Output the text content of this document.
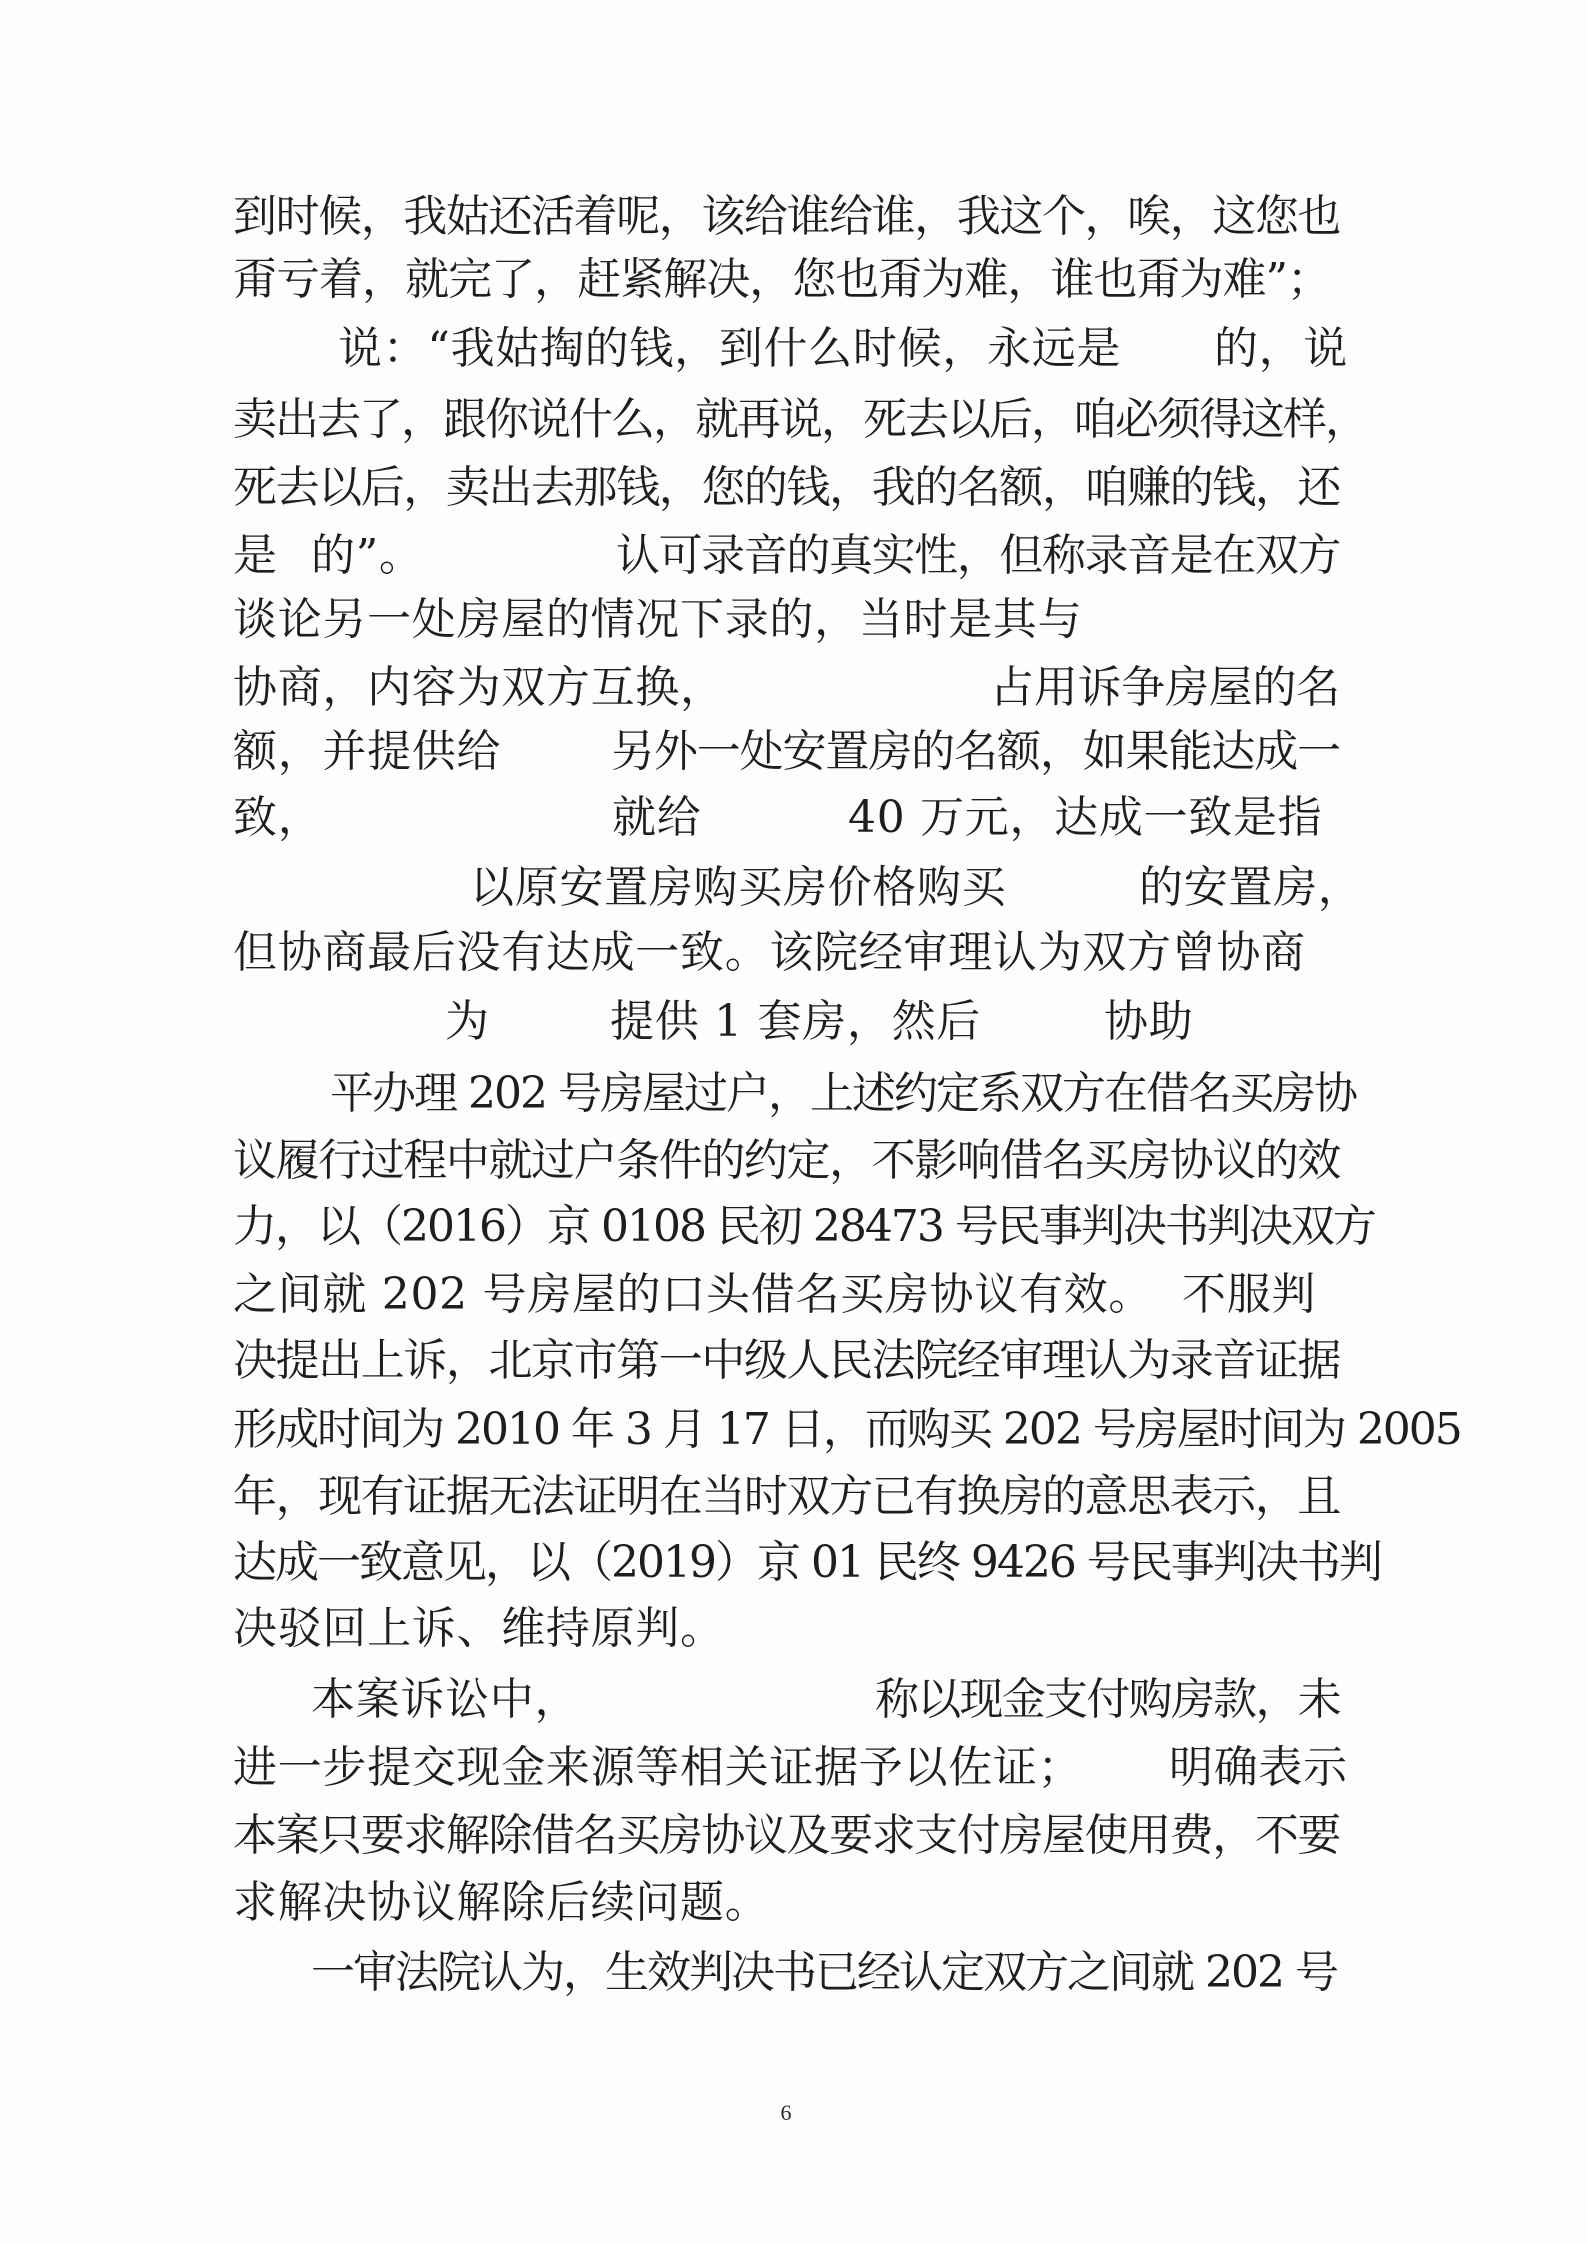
到时候，我姑还活着呢，该给谁给谁，我这个，唉，这您也
甭亏着，就完了，赶紧解决，您也甭为难，谁也甭为难”；
说：“我姑掏的钱，到什么时候，永远是 的，说
卖出去了，跟你说什么，就再说，死去以后，咱必须得这样，
死去以后，卖出去那钱，您的钱，我的名额，咱赚的钱，还
是 的”。	认可录音的真实性，但称录音是在双方
谈论另一处房屋的情况下录的，当时是其与
协商，内容为双方互换，	占用诉争房屋的名
额，并提供给 另外一处安置房的名额，如果能达成一
致，	就给	40 万元，达成一致是指
以原安置房购买房价格购买	的安置房，
但协商最后没有达成一致。该院经审理认为双方曾协商
为	提供 1 套房，然后	协助
平办理 202 号房屋过户，上述约定系双方在借名买房协
议履行过程中就过户条件的约定，不影响借名买房协议的效
力，以（2016）京 0108 民初 28473 号民事判决书判决双方
之间就 202 号房屋的口头借名买房协议有效。 不服判
决提出上诉，北京市第一中级人民法院经审理认为录音证据
形成时间为 2010 年 3 月 17 日，而购买 202 号房屋时间为 2005
年，现有证据无法证明在当时双方已有换房的意思表示，且
达成一致意见，以（2019）京 01 民终 9426 号民事判决书判
决驳回上诉、维持原判。
本案诉讼中，	称以现金支付购房款，未
进一步提交现金来源等相关证据予以佐证； 明确表示
本案只要求解除借名买房协议及要求支付房屋使用费，不要
求解决协议解除后续问题。
一审法院认为，生效判决书已经认定双方之间就 202 号
6
